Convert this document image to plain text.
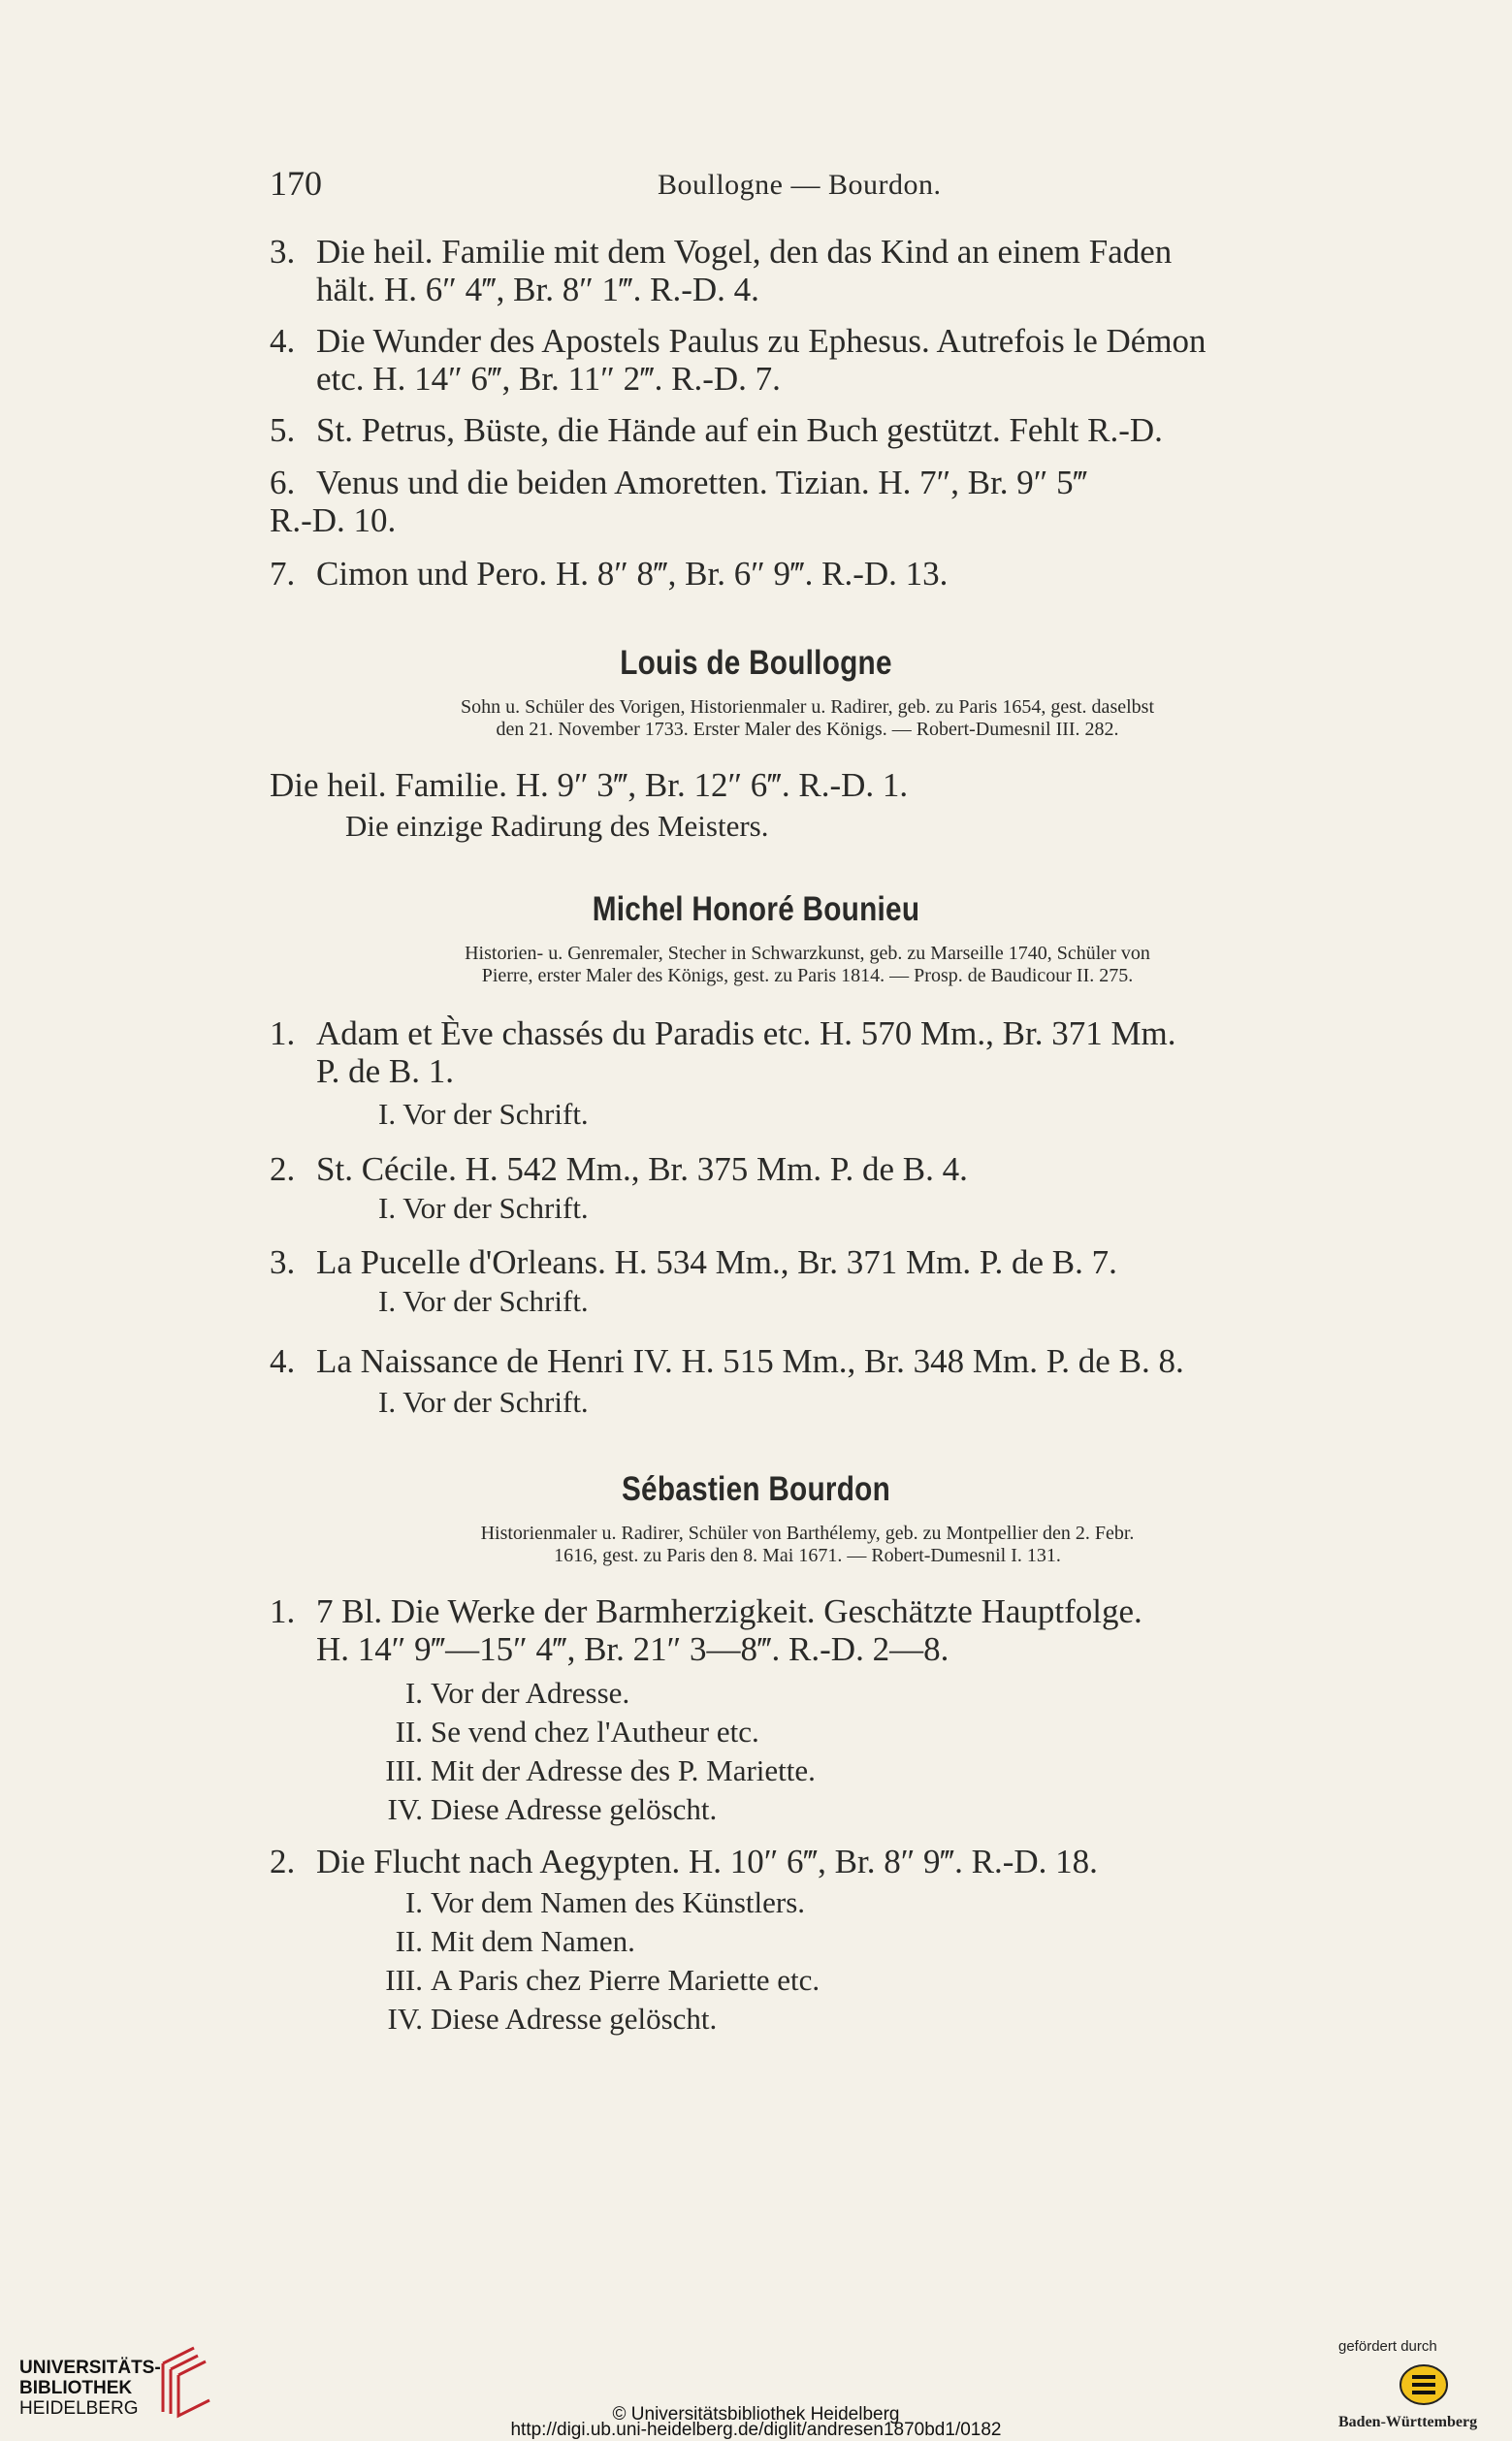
170	Boullogne — Bourdon.
3. Die heil. Familie mit dem Vogel, den das Kind an einem Faden
hält. H. 6″ 4‴, Br. 8″ 1‴. R.-D. 4.
4. Die Wunder des Apostels Paulus zu Ephesus. Autrefois le Démon
etc. H. 14″ 6‴, Br. 11″ 2‴. R.-D. 7.
5. St. Petrus, Büste, die Hände auf ein Buch gestützt. Fehlt R.-D.
6. Venus und die beiden Amoretten. Tizian. H. 7″, Br. 9″ 5‴
R.-D. 10.
7. Cimon und Pero. H. 8″ 8‴, Br. 6″ 9‴. R.-D. 13.
Louis de Boullogne
Sohn u. Schüler des Vorigen, Historienmaler u. Radirer, geb. zu Paris 1654, gest. daselbst
den 21. November 1733. Erster Maler des Königs. — Robert-Dumesnil III. 282.
Die heil. Familie. H. 9″ 3‴, Br. 12″ 6‴. R.-D. 1.
Die einzige Radirung des Meisters.
Michel Honoré Bounieu
Historien- u. Genremaler, Stecher in Schwarzkunst, geb. zu Marseille 1740, Schüler von
Pierre, erster Maler des Königs, gest. zu Paris 1814. — Prosp. de Baudicour II. 275.
1. Adam et Ève chassés du Paradis etc. H. 570 Mm., Br. 371 Mm.
P. de B. 1.
I. Vor der Schrift.
2. St. Cécile. H. 542 Mm., Br. 375 Mm. P. de B. 4.
I. Vor der Schrift.
3. La Pucelle d'Orleans. H. 534 Mm., Br. 371 Mm. P. de B. 7.
I. Vor der Schrift.
4. La Naissance de Henri IV. H. 515 Mm., Br. 348 Mm. P. de B. 8.
I. Vor der Schrift.
Sébastien Bourdon
Historienmaler u. Radirer, Schüler von Barthélemy, geb. zu Montpellier den 2. Febr.
1616, gest. zu Paris den 8. Mai 1671. — Robert-Dumesnil I. 131.
1. 7 Bl. Die Werke der Barmherzigkeit. Geschätzte Hauptfolge.
H. 14″ 9‴—15″ 4‴, Br. 21″ 3—8‴. R.-D. 2—8.
I. Vor der Adresse.
II. Se vend chez l'Autheur etc.
III. Mit der Adresse des P. Mariette.
IV. Diese Adresse gelöscht.
2. Die Flucht nach Aegypten. H. 10″ 6‴, Br. 8″ 9‴. R.-D. 18.
I. Vor dem Namen des Künstlers.
II. Mit dem Namen.
III. A Paris chez Pierre Mariette etc.
IV. Diese Adresse gelöscht.
UNIVERSITÄTS-
BIBLIOTHEK
HEIDELBERG	© Universitätsbibliothek Heidelberg
http://digi.ub.uni-heidelberg.de/diglit/andresen1870bd1/0182
gefördert durch
Baden-Württemberg
